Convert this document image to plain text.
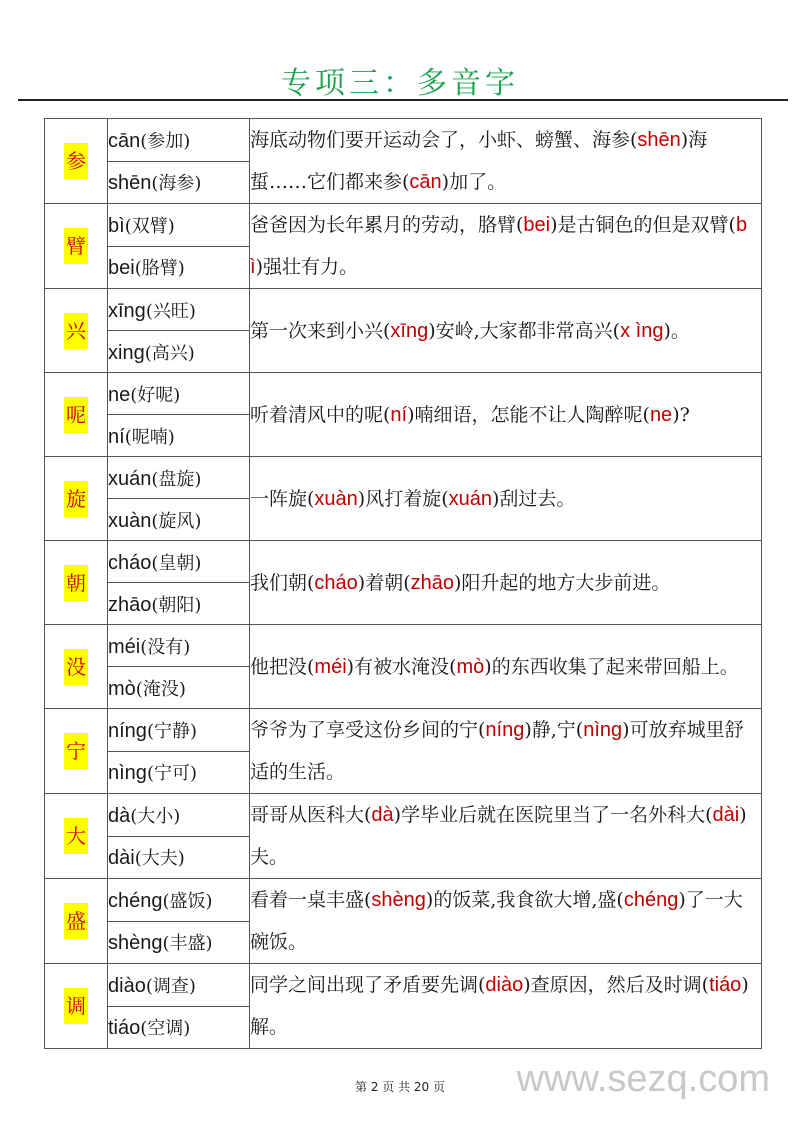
专项三：多音字
参	cān(参加)	海底动物们要开运动会了，小虾、螃蟹、海参(shēn)海蜇……它们都来参(cān)加了。
	shēn(海参)	
臂	bì(双臂)	爸爸因为长年累月的劳动，胳臂(bei)是古铜色的但是双臂(b ì)强壮有力。
	bei(胳臂)	
兴	xīng(兴旺)	第一次来到小兴(xīng)安岭,大家都非常高兴(x ìng)。
	xing(高兴)	
呢	ne(好呢)	听着清风中的呢(ní)喃细语，怎能不让人陶醉呢(ne)?
	ní(呢喃)	
旋	xuán(盘旋)	一阵旋(xuàn)风打着旋(xuán)刮过去。
	xuàn(旋风)	
朝	cháo(皇朝)	我们朝(cháo)着朝(zhāo)阳升起的地方大步前进。
	zhāo(朝阳)	
没	méi(没有)	他把没(méi)有被水淹没(mò)的东西收集了起来带回船上。
	mò(淹没)	
宁	níng(宁静)	爷爷为了享受这份乡间的宁(níng)静,宁(nìng)可放弃城里舒适的生活。
	nìng(宁可)	
大	dà(大小)	哥哥从医科大(dà)学毕业后就在医院里当了一名外科大(dài)夫。
	dài(大夫)	
盛	chéng(盛饭)	看着一桌丰盛(shèng)的饭菜,我食欲大增,盛(chéng)了一大碗饭。
	shèng(丰盛)	
调	diào(调查)	同学之间出现了矛盾要先调(diào)查原因，然后及时调(tiáo)解。
	tiáo(空调)	
第 2 页 共 20 页	www.sezq.com
